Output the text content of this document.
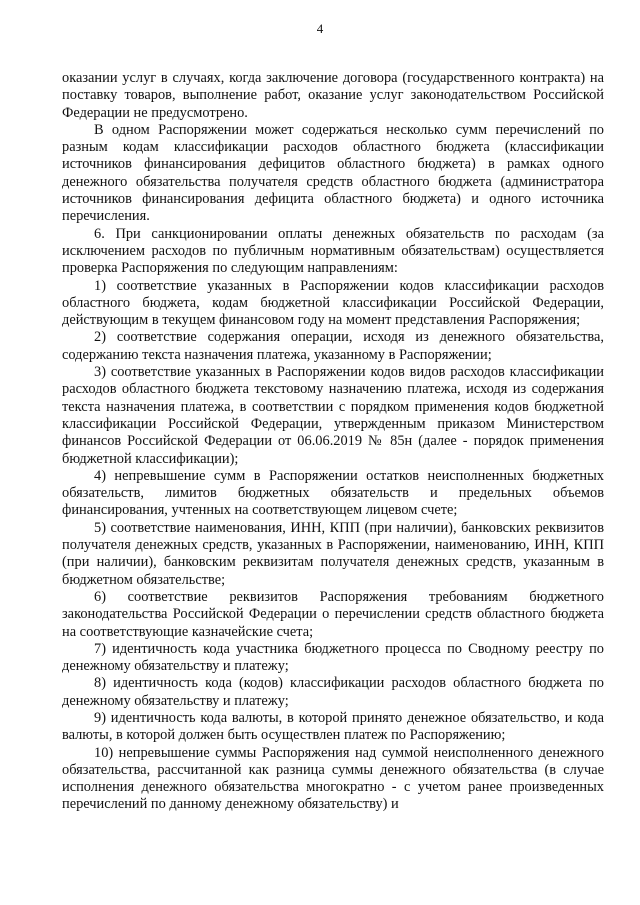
4

оказании услуг в случаях, когда заключение договора (государственного контракта) на поставку товаров, выполнение работ, оказание услуг законодательством Российской Федерации не предусмотрено.

В одном Распоряжении может содержаться несколько сумм перечислений по разным кодам классификации расходов областного бюджета (классификации источников финансирования дефицитов областного бюджета) в рамках одного денежного обязательства получателя средств областного бюджета (администратора источников финансирования дефицита областного бюджета) и одного источника перечисления.

6. При санкционировании оплаты денежных обязательств по расходам (за исключением расходов по публичным нормативным обязательствам) осуществляется проверка Распоряжения по следующим направлениям:

1) соответствие указанных в Распоряжении кодов классификации расходов областного бюджета, кодам бюджетной классификации Российской Федерации, действующим в текущем финансовом году на момент представления Распоряжения;

2) соответствие содержания операции, исходя из денежного обязательства, содержанию текста назначения платежа, указанному в Распоряжении;

3) соответствие указанных в Распоряжении кодов видов расходов классификации расходов областного бюджета текстовому назначению платежа, исходя из содержания текста назначения платежа, в соответствии с порядком применения кодов бюджетной классификации Российской Федерации, утвержденным приказом Министерством финансов Российской Федерации от 06.06.2019 № 85н (далее - порядок применения бюджетной классификации);

4) непревышение сумм в Распоряжении остатков неисполненных бюджетных обязательств, лимитов бюджетных обязательств и предельных объемов финансирования, учтенных на соответствующем лицевом счете;

5) соответствие наименования, ИНН, КПП (при наличии), банковских реквизитов получателя денежных средств, указанных в Распоряжении, наименованию, ИНН, КПП (при наличии), банковским реквизитам получателя денежных средств, указанным в бюджетном обязательстве;

6) соответствие реквизитов Распоряжения требованиям бюджетного законодательства Российской Федерации о перечислении средств областного бюджета на соответствующие казначейские счета;

7) идентичность кода участника бюджетного процесса по Сводному реестру по денежному обязательству и платежу;

8) идентичность кода (кодов) классификации расходов областного бюджета по денежному обязательству и платежу;

9) идентичность кода валюты, в которой принято денежное обязательство, и кода валюты, в которой должен быть осуществлен платеж по Распоряжению;

10) непревышение суммы Распоряжения над суммой неисполненного денежного обязательства, рассчитанной как разница суммы денежного обязательства (в случае исполнения денежного обязательства многократно - с учетом ранее произведенных перечислений по данному денежному обязательству) и
